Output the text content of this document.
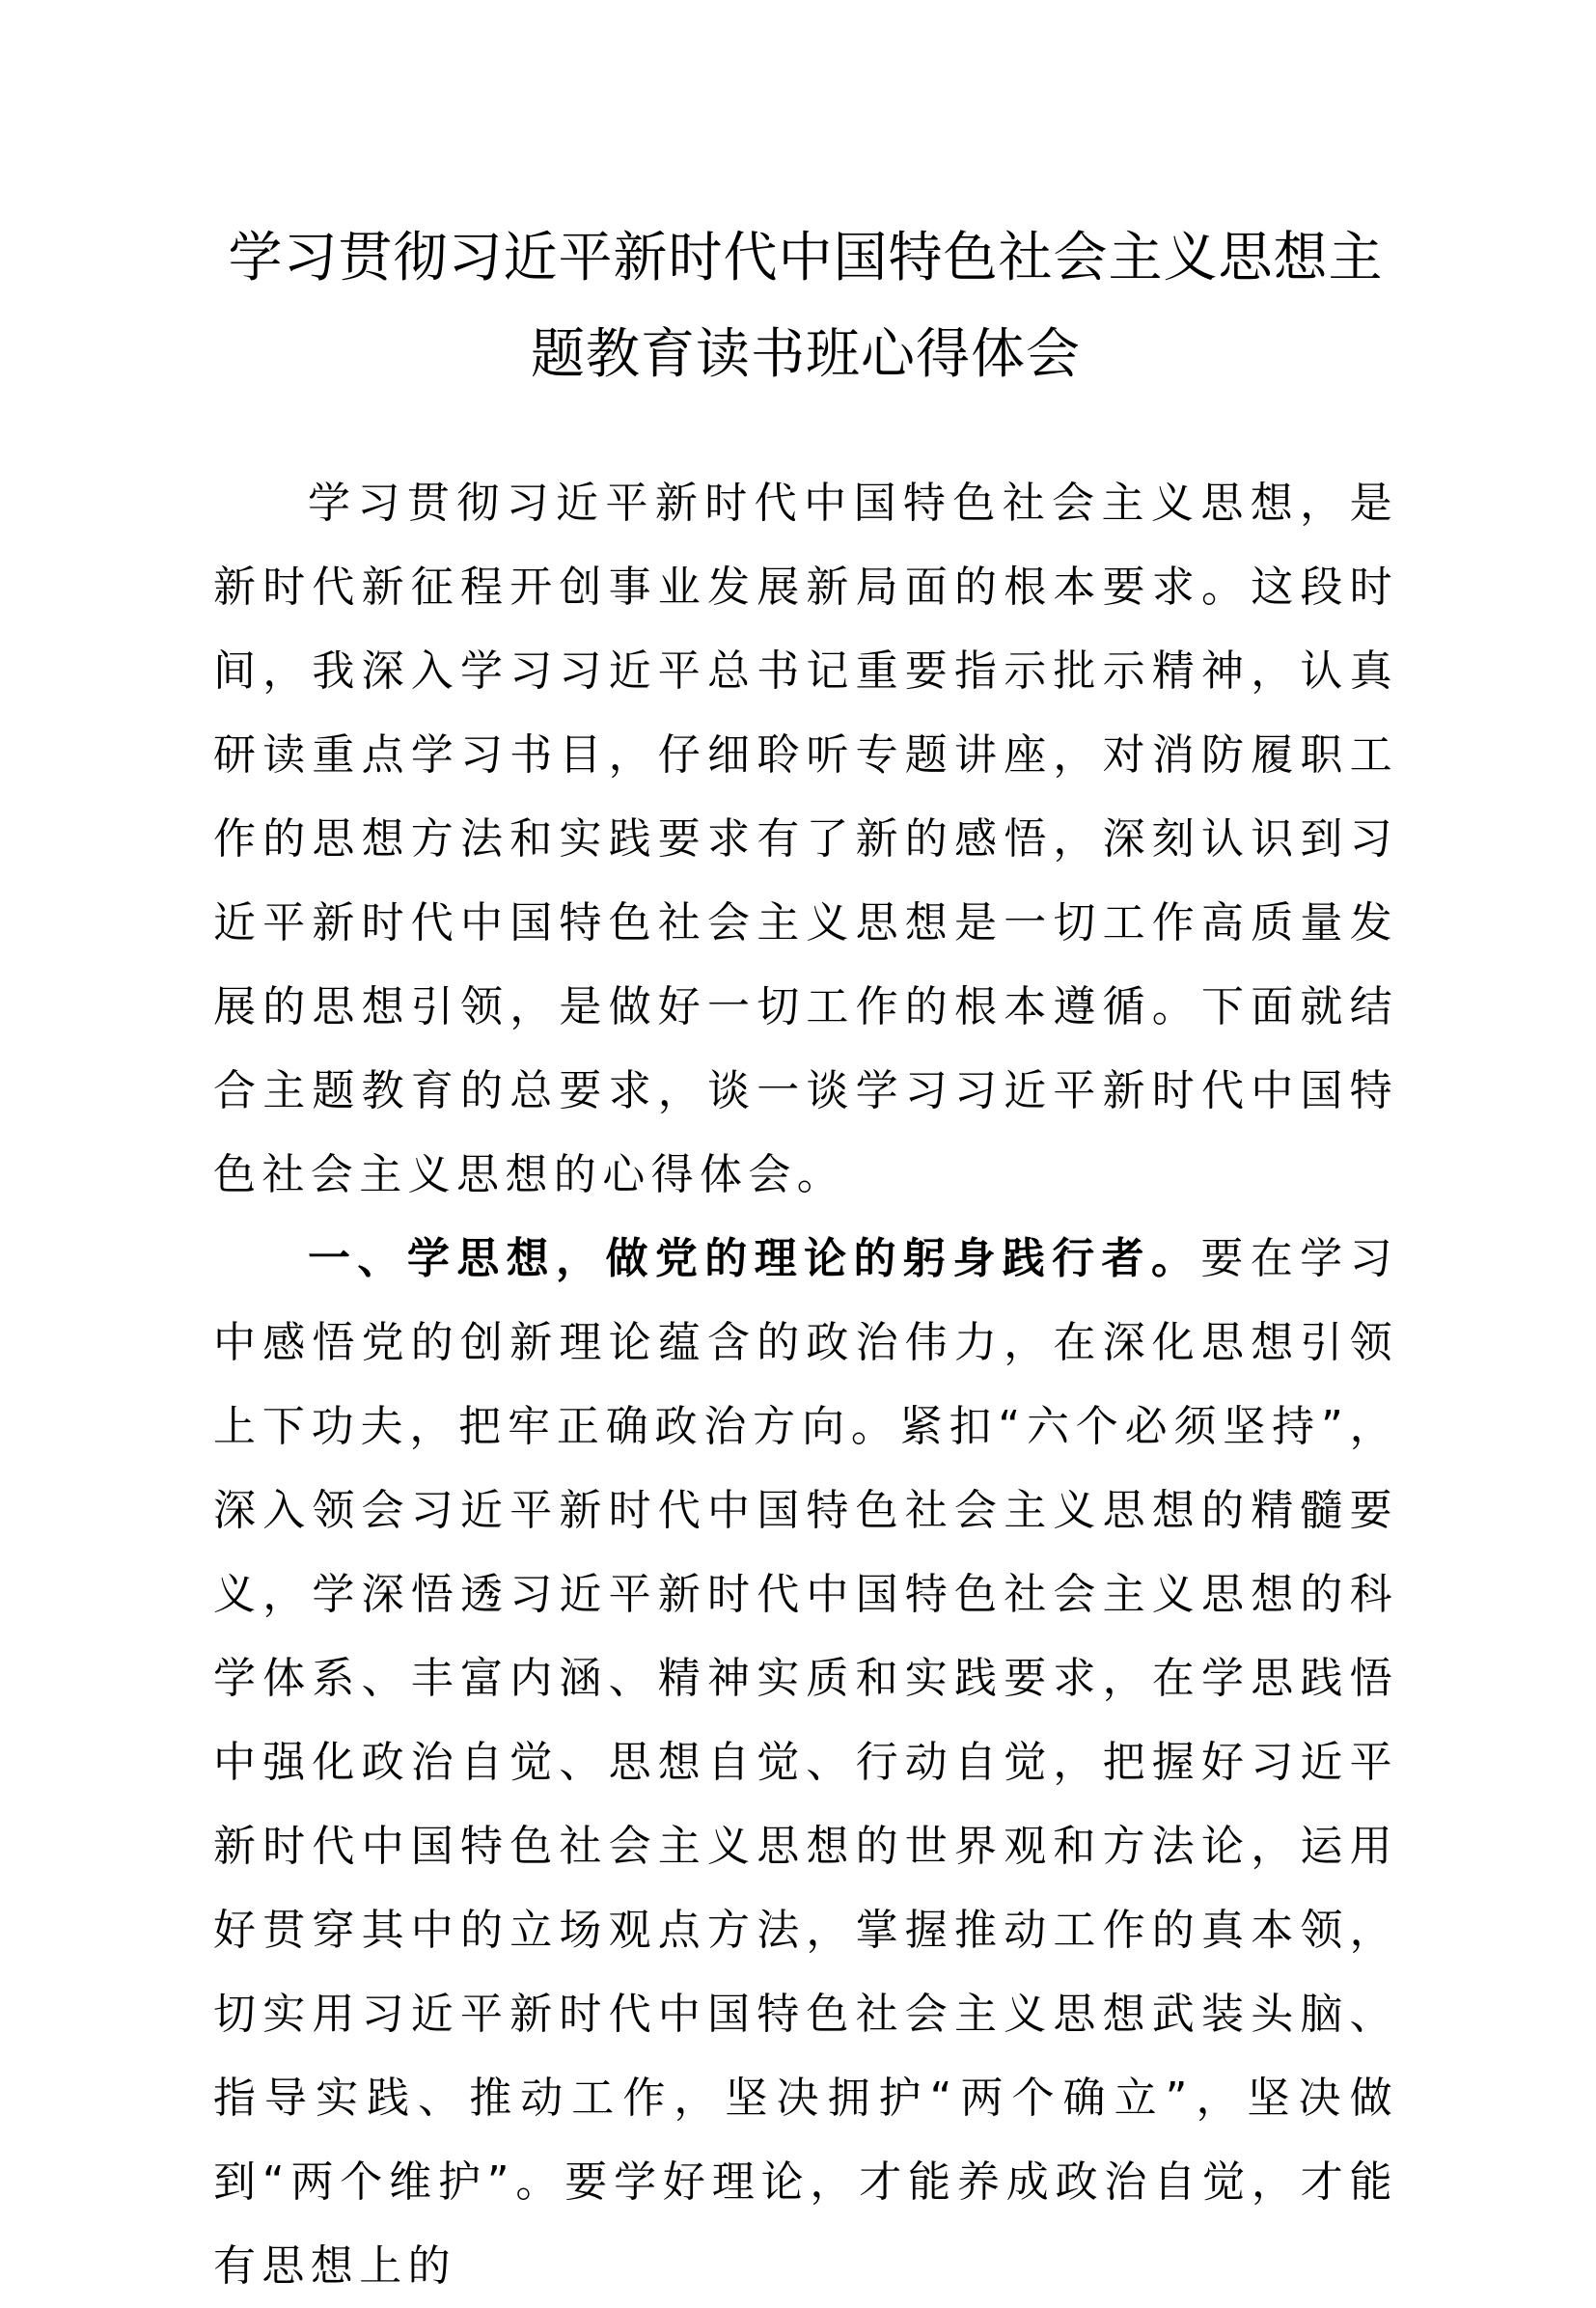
学习贯彻习近平新时代中国特色社会主义思想主
题教育读书班心得体会

学习贯彻习近平新时代中国特色社会主义思想，是新时代新征程开创事业发展新局面的根本要求。这段时间，我深入学习习近平总书记重要指示批示精神，认真研读重点学习书目，仔细聆听专题讲座，对消防履职工作的思想方法和实践要求有了新的感悟，深刻认识到习近平新时代中国特色社会主义思想是一切工作高质量发展的思想引领，是做好一切工作的根本遵循。下面就结合主题教育的总要求，谈一谈学习习近平新时代中国特色社会主义思想的心得体会。

一、学思想，做党的理论的躬身践行者。要在学习中感悟党的创新理论蕴含的政治伟力，在深化思想引领上下功夫，把牢正确政治方向。紧扣“六个必须坚持”，深入领会习近平新时代中国特色社会主义思想的精髓要义，学深悟透习近平新时代中国特色社会主义思想的科学体系、丰富内涵、精神实质和实践要求，在学思践悟中强化政治自觉、思想自觉、行动自觉，把握好习近平新时代中国特色社会主义思想的世界观和方法论，运用好贯穿其中的立场观点方法，掌握推动工作的真本领，切实用习近平新时代中国特色社会主义思想武装头脑、指导实践、推动工作，坚决拥护“两个确立”，坚决做到“两个维护”。要学好理论，才能养成政治自觉，才能有思想上的
